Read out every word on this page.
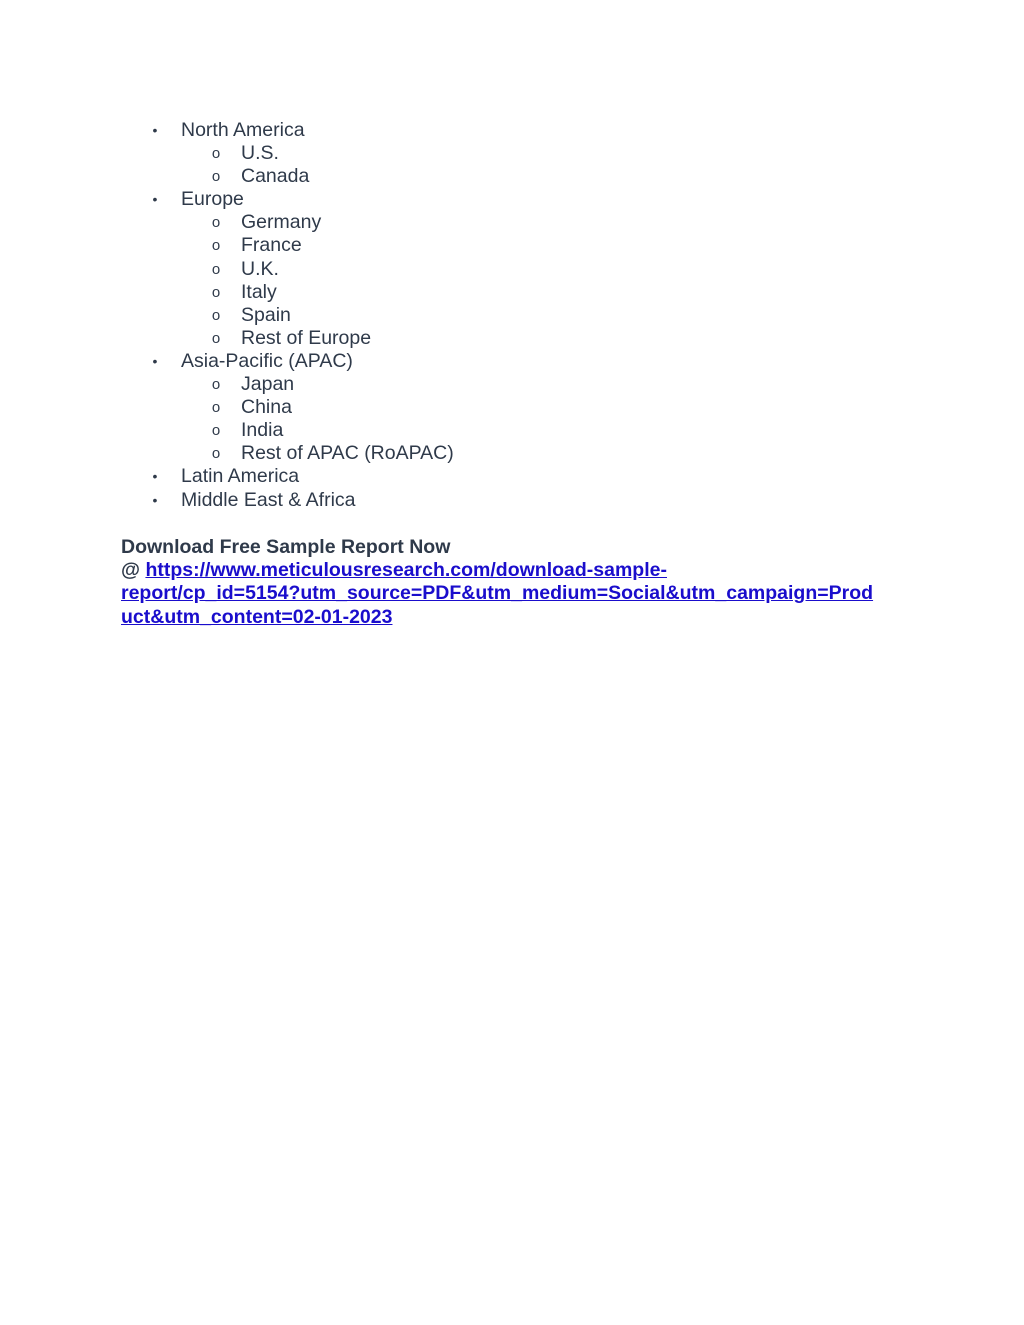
• North America
o U.S.
o Canada
• Europe
o Germany
o France
o U.K.
o Italy
o Spain
o Rest of Europe
• Asia-Pacific (APAC)
o Japan
o China
o India
o Rest of APAC (RoAPAC)
• Latin America
• Middle East & Africa
Download Free Sample Report Now
@ https://www.meticulousresearch.com/download-sample-
report/cp_id=5154?utm_source=PDF&utm_medium=Social&utm_campaign=Prod
uct&utm_content=02-01-2023
